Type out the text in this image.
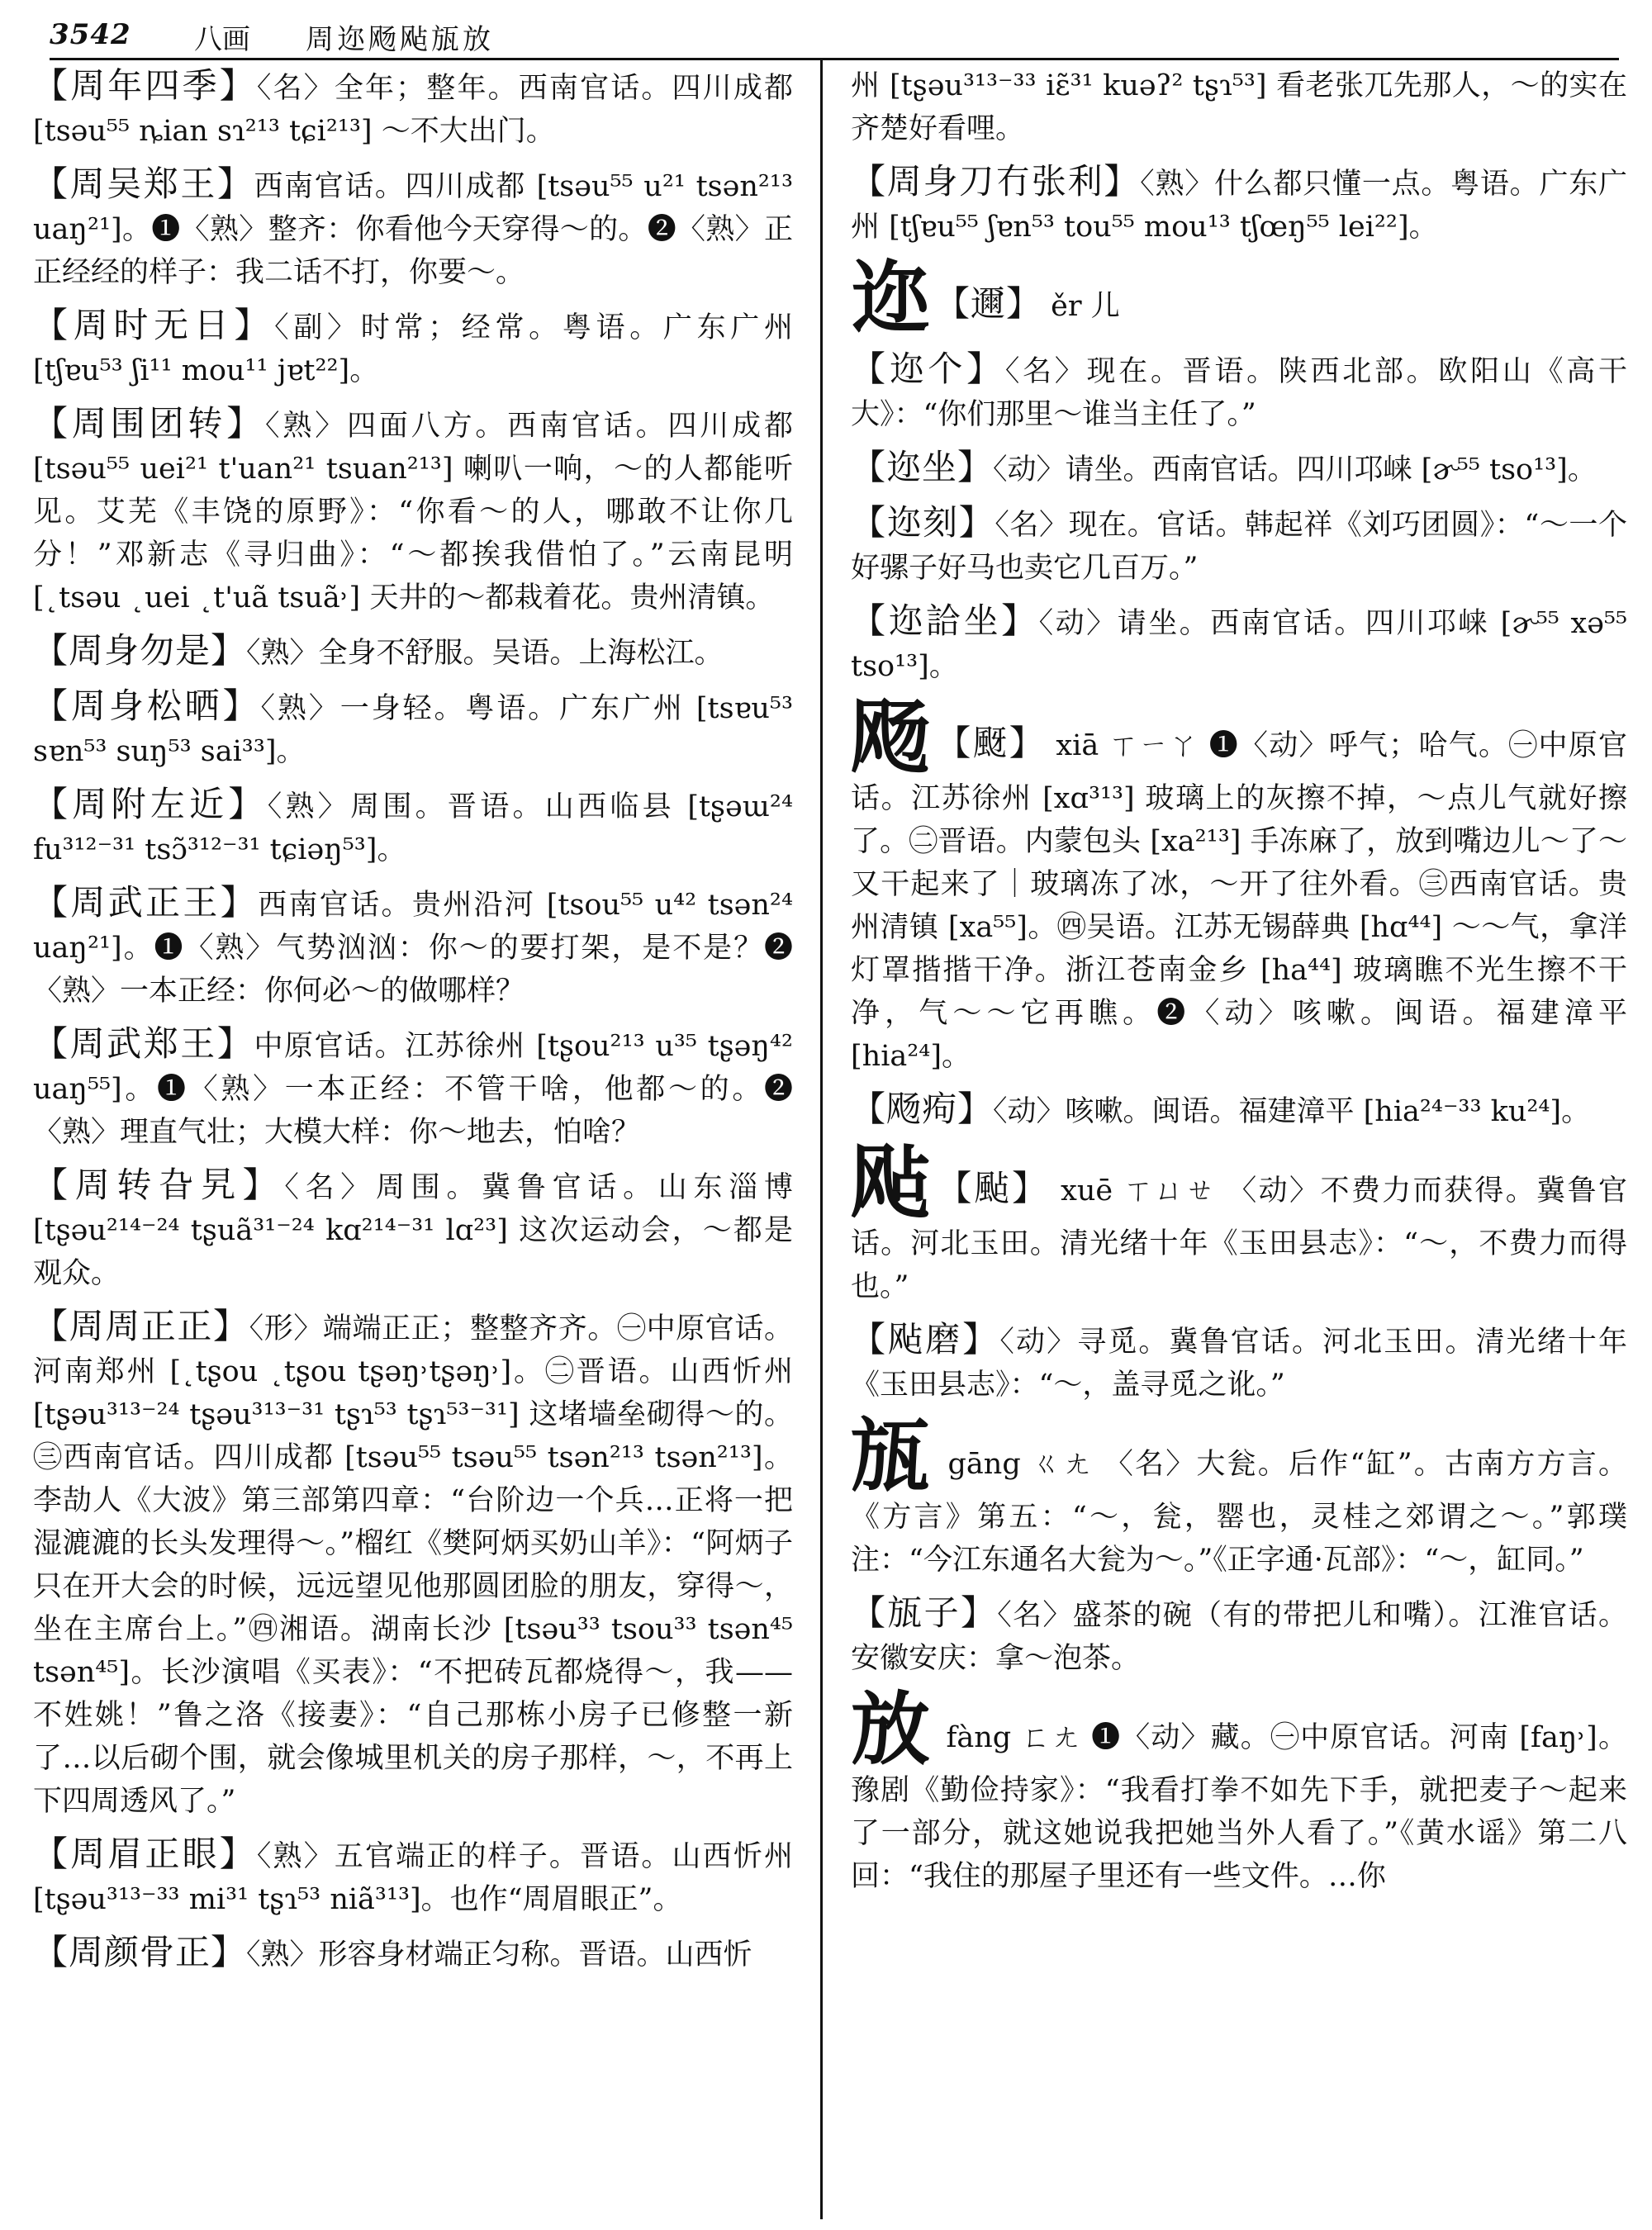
3542 八画 周迩飏飐瓬放
【周年四季】〈名〉全年；整年。西南官话。四川成都 [tsəu⁵⁵ ȵian sɿ²¹³ tɕi²¹³] ～不大出门。
【周吴郑王】西南官话。四川成都 [tsəu⁵⁵ u²¹ tsən²¹³ uaŋ²¹]。❶〈熟〉整齐：你看他今天穿得～的。❷〈熟〉正正经经的样子：我二话不打，你要～。
【周时无日】〈副〉时常；经常。粤语。广东广州 [tʃɐu⁵³ ʃi¹¹ mou¹¹ jɐt²²]。
【周围团转】〈熟〉四面八方。西南官话。四川成都 [tsəu⁵⁵ uei²¹ t'uan²¹ tsuan²¹³] 喇叭一响，～的人都能听见。艾芜《丰饶的原野》：“你看～的人，哪敢不让你几分！”邓新志《寻归曲》：“～都挨我借怕了。”云南昆明 [˛tsəu ˛uei ˛t'uã tsuã˒] 天井的～都栽着花。贵州清镇。
【周身勿是】〈熟〉全身不舒服。吴语。上海松江。
【周身松晒】〈熟〉一身轻。粤语。广东广州 [tsɐu⁵³ sɐn⁵³ suŋ⁵³ sai³³]。
【周附左近】〈熟〉周围。晋语。山西临县 [tʂəɯ²⁴ fu³¹²⁻³¹ tsɔ̃³¹²⁻³¹ tɕiəŋ⁵³]。
【周武正王】西南官话。贵州沿河 [tsou⁵⁵ u⁴² tsən²⁴ uaŋ²¹]。❶〈熟〉气势汹汹：你～的要打架，是不是？❷〈熟〉一本正经：你何必～的做哪样？
【周武郑王】中原官话。江苏徐州 [tʂou²¹³ u³⁵ tʂəŋ⁴² uaŋ⁵⁵]。❶〈熟〉一本正经：不管干啥，他都～的。❷〈熟〉理直气壮；大模大样：你～地去，怕啥？
【周转旮旯】〈名〉周围。冀鲁官话。山东淄博 [tʂəu²¹⁴⁻²⁴ tʂuã³¹⁻²⁴ kɑ²¹⁴⁻³¹ lɑ²³] 这次运动会，～都是观众。
【周周正正】〈形〉端端正正；整整齐齐。㊀中原官话。河南郑州 [˛tʂou ˛tʂou tʂəŋ˒tʂəŋ˒]。㊁晋语。山西忻州 [tʂəu³¹³⁻²⁴ tʂəu³¹³⁻³¹ tʂɿ⁵³ tʂɿ⁵³⁻³¹] 这堵墙垒砌得～的。㊂西南官话。四川成都 [tsəu⁵⁵ tsəu⁵⁵ tsən²¹³ tsən²¹³]。李劼人《大波》第三部第四章：“台阶边一个兵…正将一把湿漉漉的长头发理得～。”榴红《樊阿炳买奶山羊》：“阿炳子只在开大会的时候，远远望见他那圆团脸的朋友，穿得～，坐在主席台上。”㊃湘语。湖南长沙 [tsəu³³ tsou³³ tsən⁴⁵ tsən⁴⁵]。长沙演唱《买表》：“不把砖瓦都烧得～，我——不姓姚！”鲁之洛《接妻》：“自己那栋小房子已修整一新了…以后砌个围，就会像城里机关的房子那样，～，不再上下四周透风了。”
【周眉正眼】〈熟〉五官端正的样子。晋语。山西忻州 [tʂəu³¹³⁻³³ mi³¹ tʂɿ⁵³ niã³¹³]。也作“周眉眼正”。
【周颜骨正】〈熟〉形容身材端正匀称。晋语。山西忻
州 [tʂəu³¹³⁻³³ iɛ̃³¹ kuəʔ² tʂɿ⁵³] 看老张兀先那人，～的实在齐楚好看哩。
【周身刀冇张利】〈熟〉什么都只懂一点。粤语。广东广州 [tʃɐu⁵⁵ ʃɐn⁵³ tou⁵⁵ mou¹³ tʃœŋ⁵⁵ lei²²]。
迩 【邇】 ěr 儿
【迩个】〈名〉现在。晋语。陕西北部。欧阳山《高干大》：“你们那里～谁当主任了。”
【迩坐】〈动〉请坐。西南官话。四川邛崃 [ɚ⁵⁵ tso¹³]。
【迩刻】〈名〉现在。官话。韩起祥《刘巧团圆》：“～一个好骡子好马也卖它几百万。”
【迩詥坐】〈动〉请坐。西南官话。四川邛崃 [ɚ⁵⁵ xə⁵⁵ tso¹³]。
飏 【颬】 xiā ㄒㄧㄚ ❶〈动〉呼气；哈气。㊀中原官话。江苏徐州 [xɑ³¹³] 玻璃上的灰擦不掉，～点儿气就好擦了。㊁晋语。内蒙包头 [xa²¹³] 手冻麻了，放到嘴边儿～了～又干起来了｜玻璃冻了冰，～开了往外看。㊂西南官话。贵州清镇 [xa⁵⁵]。㊃吴语。江苏无锡薛典 [hɑ⁴⁴] ～～气，拿洋灯罩揩揩干净。浙江苍南金乡 [ha⁴⁴] 玻璃瞧不光生擦不干净，气～～它再瞧。❷〈动〉咳嗽。闽语。福建漳平 [hia²⁴]。
【飏痀】〈动〉咳嗽。闽语。福建漳平 [hia²⁴⁻³³ ku²⁴]。
飐 【颭】 xuē ㄒㄩㄝ 〈动〉不费力而获得。冀鲁官话。河北玉田。清光绪十年《玉田县志》：“～，不费力而得也。”
【飐磨】〈动〉寻觅。冀鲁官话。河北玉田。清光绪十年《玉田县志》：“～，盖寻觅之讹。”
瓬 gāng ㄍㄤ 〈名〉大瓮。后作“缸”。古南方方言。《方言》第五：“～，瓮，罂也，灵桂之郊谓之～。”郭璞注：“今江东通名大瓮为～。”《正字通·瓦部》：“～，缸同。”
【瓬子】〈名〉盛茶的碗（有的带把儿和嘴）。江淮官话。安徽安庆：拿～泡茶。
放 fàng ㄈㄤ ❶〈动〉藏。㊀中原官话。河南 [faŋ˒]。豫剧《勤俭持家》：“我看打拳不如先下手，就把麦子～起来了一部分，就这她说我把她当外人看了。”《黄水谣》第二八回：“我住的那屋子里还有一些文件。…你
